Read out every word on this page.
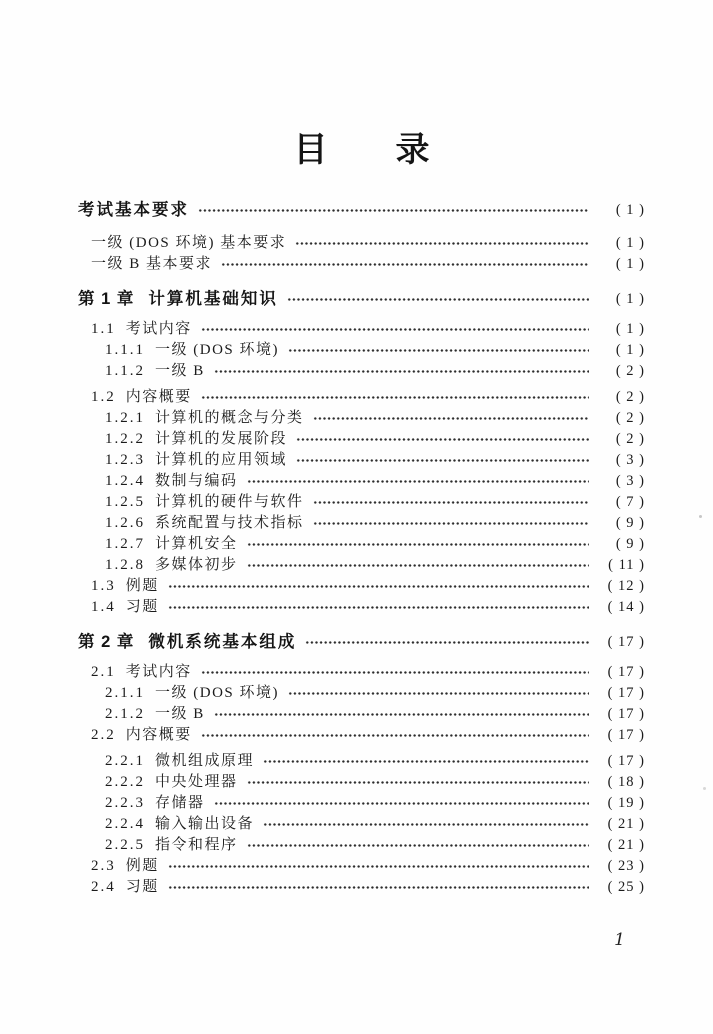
目　　录
考试基本要求	( 1 )
一级 (DOS 环境) 基本要求	( 1 )
一级 B 基本要求	( 1 )
第 1 章 计算机基础知识	( 1 )
1.1 考试内容	( 1 )
1.1.1 一级 (DOS 环境)	( 1 )
1.1.2 一级 B	( 2 )
1.2 内容概要	( 2 )
1.2.1 计算机的概念与分类	( 2 )
1.2.2 计算机的发展阶段	( 2 )
1.2.3 计算机的应用领域	( 3 )
1.2.4 数制与编码	( 3 )
1.2.5 计算机的硬件与软件	( 7 )
1.2.6 系统配置与技术指标	( 9 )
1.2.7 计算机安全	( 9 )
1.2.8 多媒体初步	( 11 )
1.3 例题	( 12 )
1.4 习题	( 14 )
第 2 章 微机系统基本组成	( 17 )
2.1 考试内容	( 17 )
2.1.1 一级 (DOS 环境)	( 17 )
2.1.2 一级 B	( 17 )
2.2 内容概要	( 17 )
2.2.1 微机组成原理	( 17 )
2.2.2 中央处理器	( 18 )
2.2.3 存储器	( 19 )
2.2.4 输入输出设备	( 21 )
2.2.5 指令和程序	( 21 )
2.3 例题	( 23 )
2.4 习题	( 25 )
1
